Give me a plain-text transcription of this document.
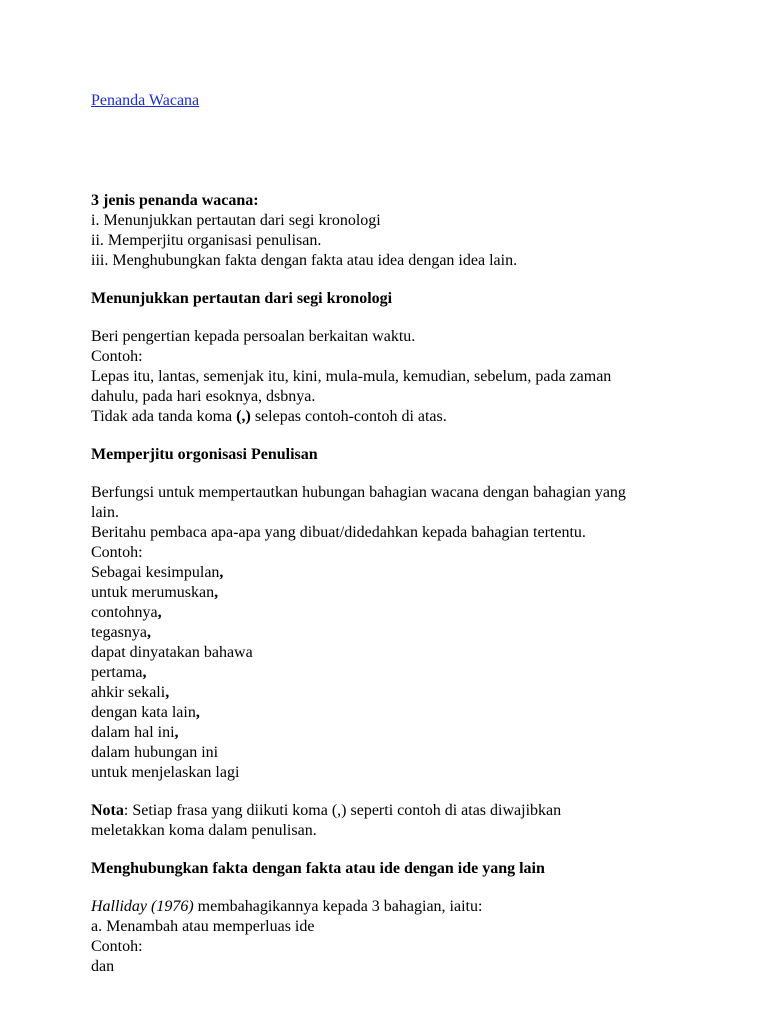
Penanda Wacana
3 jenis penanda wacana:
i. Menunjukkan pertautan dari segi kronologi
ii. Memperjitu organisasi penulisan.
iii. Menghubungkan fakta dengan fakta atau idea dengan idea lain.
Menunjukkan pertautan dari segi kronologi
Beri pengertian kepada persoalan berkaitan waktu.
Contoh:
Lepas itu, lantas, semenjak itu, kini, mula-mula, kemudian, sebelum, pada zaman
dahulu, pada hari esoknya, dsbnya.
Tidak ada tanda koma (,) selepas contoh-contoh di atas.
Memperjitu orgonisasi Penulisan
Berfungsi untuk mempertautkan hubungan bahagian wacana dengan bahagian yang
lain.
Beritahu pembaca apa-apa yang dibuat/didedahkan kepada bahagian tertentu.
Contoh:
Sebagai kesimpulan,
untuk merumuskan,
contohnya,
tegasnya,
dapat dinyatakan bahawa
pertama,
ahkir sekali,
dengan kata lain,
dalam hal ini,
dalam hubungan ini
untuk menjelaskan lagi
Nota: Setiap frasa yang diikuti koma (,) seperti contoh di atas diwajibkan
meletakkan koma dalam penulisan.
Menghubungkan fakta dengan fakta atau ide dengan ide yang lain
Halliday (1976) membahagikannya kepada 3 bahagian, iaitu:
a. Menambah atau memperluas ide
Contoh:
dan
